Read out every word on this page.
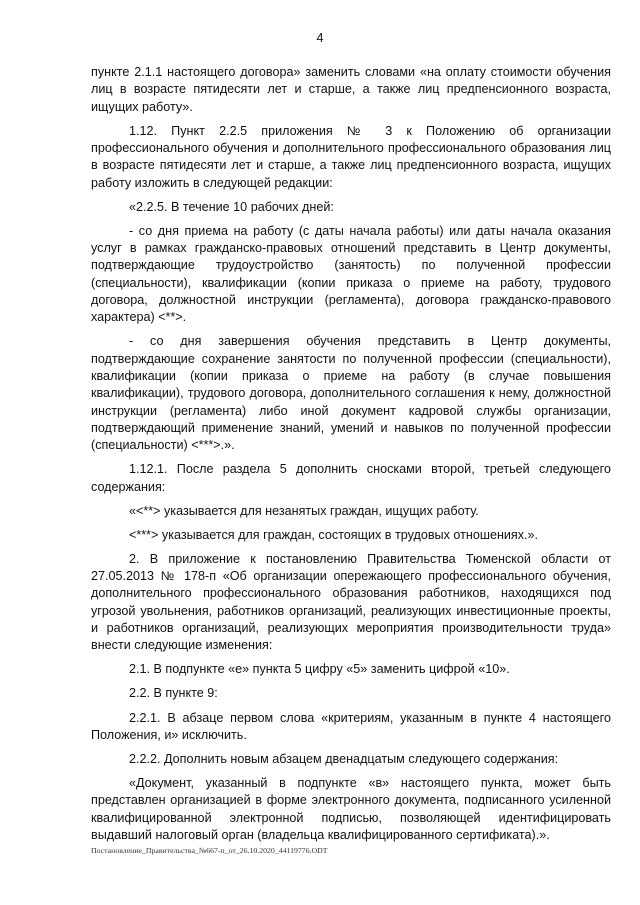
4

пункте 2.1.1 настоящего договора» заменить словами «на оплату стоимости обучения лиц в возрасте пятидесяти лет и старше, а также лиц предпенсионного возраста, ищущих работу».

1.12. Пункт 2.2.5 приложения № 3 к Положению об организации профессионального обучения и дополнительного профессионального образования лиц в возрасте пятидесяти лет и старше, а также лиц предпенсионного возраста, ищущих работу изложить в следующей редакции:

«2.2.5. В течение 10 рабочих дней:

- со дня приема на работу (с даты начала работы) или даты начала оказания услуг в рамках гражданско-правовых отношений представить в Центр документы, подтверждающие трудоустройство (занятость) по полученной профессии (специальности), квалификации (копии приказа о приеме на работу, трудового договора, должностной инструкции (регламента), договора гражданско-правового характера) <**>.

- со дня завершения обучения представить в Центр документы, подтверждающие сохранение занятости по полученной профессии (специальности), квалификации (копии приказа о приеме на работу (в случае повышения квалификации), трудового договора, дополнительного соглашения к нему, должностной инструкции (регламента) либо иной документ кадровой службы организации, подтверждающий применение знаний, умений и навыков по полученной профессии (специальности) <***>.».

1.12.1. После раздела 5 дополнить сносками второй, третьей следующего содержания:

«<**> указывается для незанятых граждан, ищущих работу.

<***> указывается для граждан, состоящих в трудовых отношениях.».

2. В приложение к постановлению Правительства Тюменской области от 27.05.2013 № 178-п «Об организации опережающего профессионального обучения, дополнительного профессионального образования работников, находящихся под угрозой увольнения, работников организаций, реализующих инвестиционные проекты, и работников организаций, реализующих мероприятия производительности труда» внести следующие изменения:

2.1. В подпункте «е» пункта 5 цифру «5» заменить цифрой «10».

2.2. В пункте 9:

2.2.1. В абзаце первом слова «критериям, указанным в пункте 4 настоящего Положения, и» исключить.

2.2.2. Дополнить новым абзацем двенадцатым следующего содержания:

«Документ, указанный в подпункте «в» настоящего пункта, может быть представлен организацией в форме электронного документа, подписанного усиленной квалифицированной электронной подписью, позволяющей идентифицировать выдавший налоговый орган (владельца квалифицированного сертификата).».

Постановление_Правительства_№667-п_от_26.10.2020_44119776.ODT
